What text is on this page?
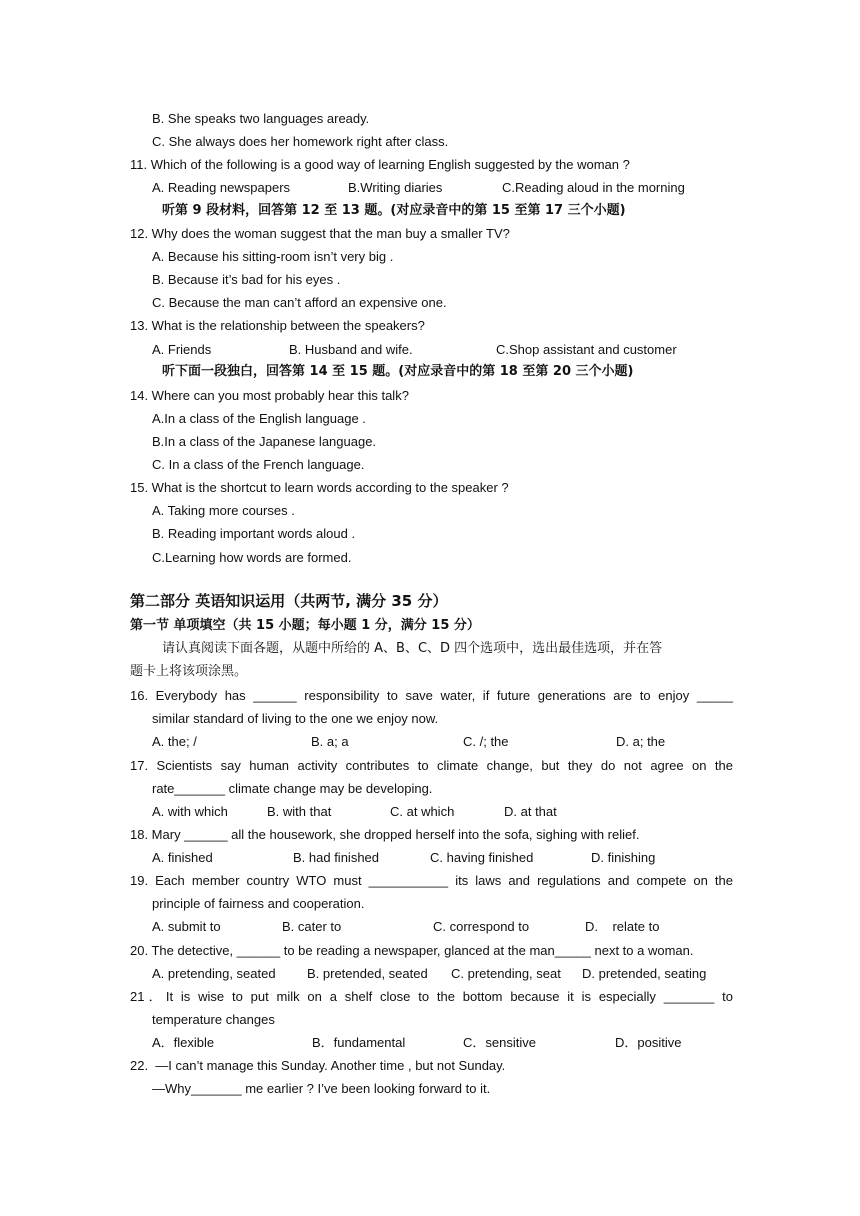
B. She speaks two languages aready.
C. She always does her homework right after class.
11. Which of the following is a good way of learning English suggested by the woman ?
A. Reading newspapers	B.Writing diaries	C.Reading aloud in the morning
听第 9 段材料，回答第 12 至 13 题。(对应录音中的第 15 至第 17 三个小题)
12. Why does the woman suggest that the man buy a smaller TV?
A. Because his sitting-room isn’t very big .
B. Because it’s bad for his eyes .
C. Because the man can’t afford an expensive one.
13. What is the relationship between the speakers?
A. Friends	B. Husband and wife.	C.Shop assistant and customer
听下面一段独白，回答第 14 至 15 题。(对应录音中的第 18 至第 20 三个小题)
14. Where can you most probably hear this talk?
A.In a class of the English language .
B.In a class of the Japanese language.
C. In a class of the French language.
15. What is the shortcut to learn words according to the speaker ?
A. Taking more courses .
B. Reading important words aloud .
C.Learning how words are formed.
第二部分 英语知识运用（共两节, 满分 35 分）
第一节 单项填空（共 15 小题；每小题 1 分，满分 15 分）
请认真阅读下面各题，从题中所给的 A、B、C、D 四个选项中，选出最佳选项，并在答
题卡上将该项涂黑。
16. Everybody has ______ responsibility to save water, if future generations are to enjoy _____
similar standard of living to the one we enjoy now.
A. the; /	B. a; a	C. /; the	D. a; the
17. Scientists say human activity contributes to climate change, but they do not agree on the
rate_______ climate change may be developing.
A. with which	B. with that	C. at which	D. at that
18. Mary ______ all the housework, she dropped herself into the sofa, sighing with relief.
A. finished	B. had finished	C. having finished	D. finishing
19. Each member country WTO must ___________ its laws and regulations and compete on the
principle of fairness and cooperation.
A. submit to	B. cater to	C. correspond to	D.    relate to
20. The detective, ______ to be reading a newspaper, glanced at the man_____ next to a woman.
A. pretending, seated B. pretended, seated C. pretending, seat D. pretended, seating
21．It is wise to put milk on a shelf close to the bottom because it is especially _______ to
temperature changes
A．flexible	B．fundamental	C．sensitive	D．positive
22.  —I can’t manage this Sunday. Another time , but not Sunday.
—Why_______ me earlier ? I’ve been looking forward to it.
